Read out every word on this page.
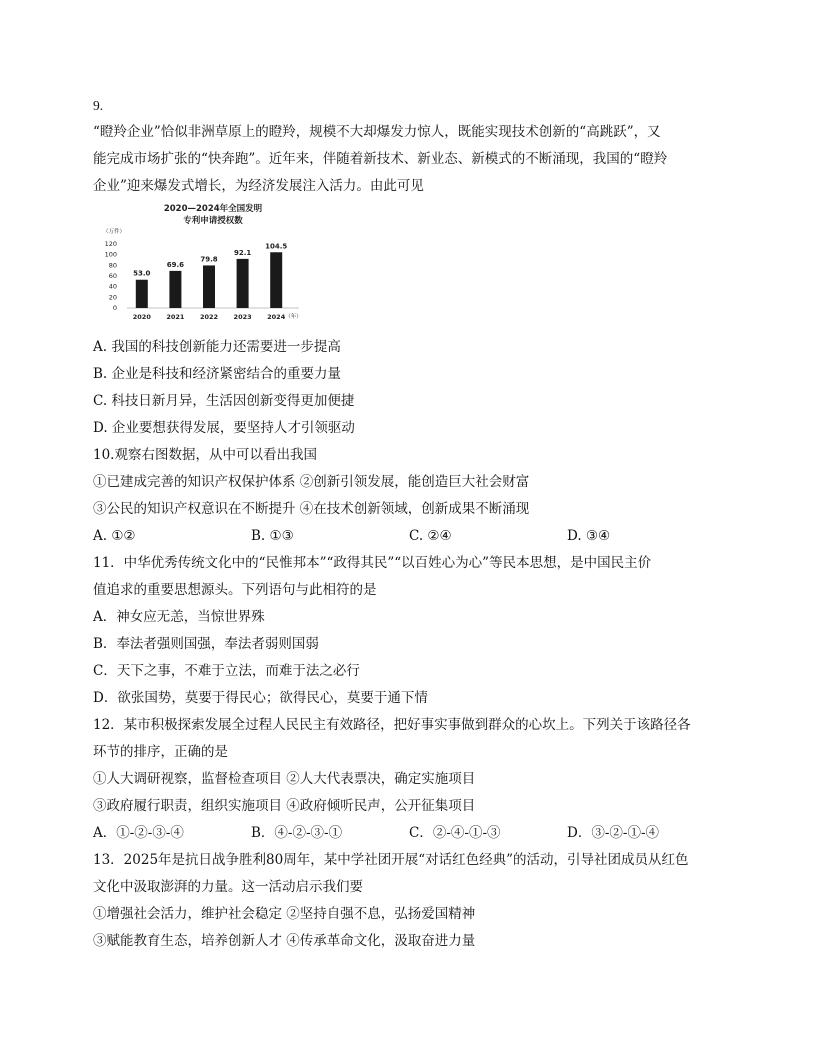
9.
“瞪羚企业”恰似非洲草原上的瞪羚，规模不大却爆发力惊人，既能实现技术创新的“高跳跃”，又
能完成市场扩张的“快奔跑”。近年来，伴随着新技术、新业态、新模式的不断涌现，我国的“瞪羚
企业”迎来爆发式增长，为经济发展注入活力。由此可见
2020—2024年全国发明
专利申请授权数
（万件）
0
20
40
60
80
100
120
53.0
2020
69.6
2021
79.8
2022
92.1
2023
104.5
2024 （年）
A. 我国的科技创新能力还需要进一步提高
B. 企业是科技和经济紧密结合的重要力量
C. 科技日新月异，生活因创新变得更加便捷
D. 企业要想获得发展，要坚持人才引领驱动
10.观察右图数据，从中可以看出我国
①已建成完善的知识产权保护体系 ②创新引领发展，能创造巨大社会财富
③公民的知识产权意识在不断提升 ④在技术创新领域，创新成果不断涌现
A. ①②	B. ①③	C. ②④	D. ③④
11．中华优秀传统文化中的“民惟邦本”“政得其民”“以百姓心为心”等民本思想，是中国民主价
值追求的重要思想源头。下列语句与此相符的是
A．神女应无恙，当惊世界殊
B．奉法者强则国强，奉法者弱则国弱
C．天下之事，不难于立法，而难于法之必行
D．欲张国势，莫要于得民心；欲得民心，莫要于通下情
12．某市积极探索发展全过程人民民主有效路径，把好事实事做到群众的心坎上。下列关于该路径各
环节的排序，正确的是
①人大调研视察，监督检查项目 ②人大代表票决，确定实施项目
③政府履行职责，组织实施项目 ④政府倾听民声，公开征集项目
A．①-②-③-④	B．④-②-③-①	C．②-④-①-③	D．③-②-①-④
13．2025年是抗日战争胜利80周年，某中学社团开展“对话红色经典”的活动，引导社团成员从红色
文化中汲取澎湃的力量。这一活动启示我们要
①增强社会活力，维护社会稳定 ②坚持自强不息，弘扬爱国精神
③赋能教育生态，培养创新人才 ④传承革命文化，汲取奋进力量
